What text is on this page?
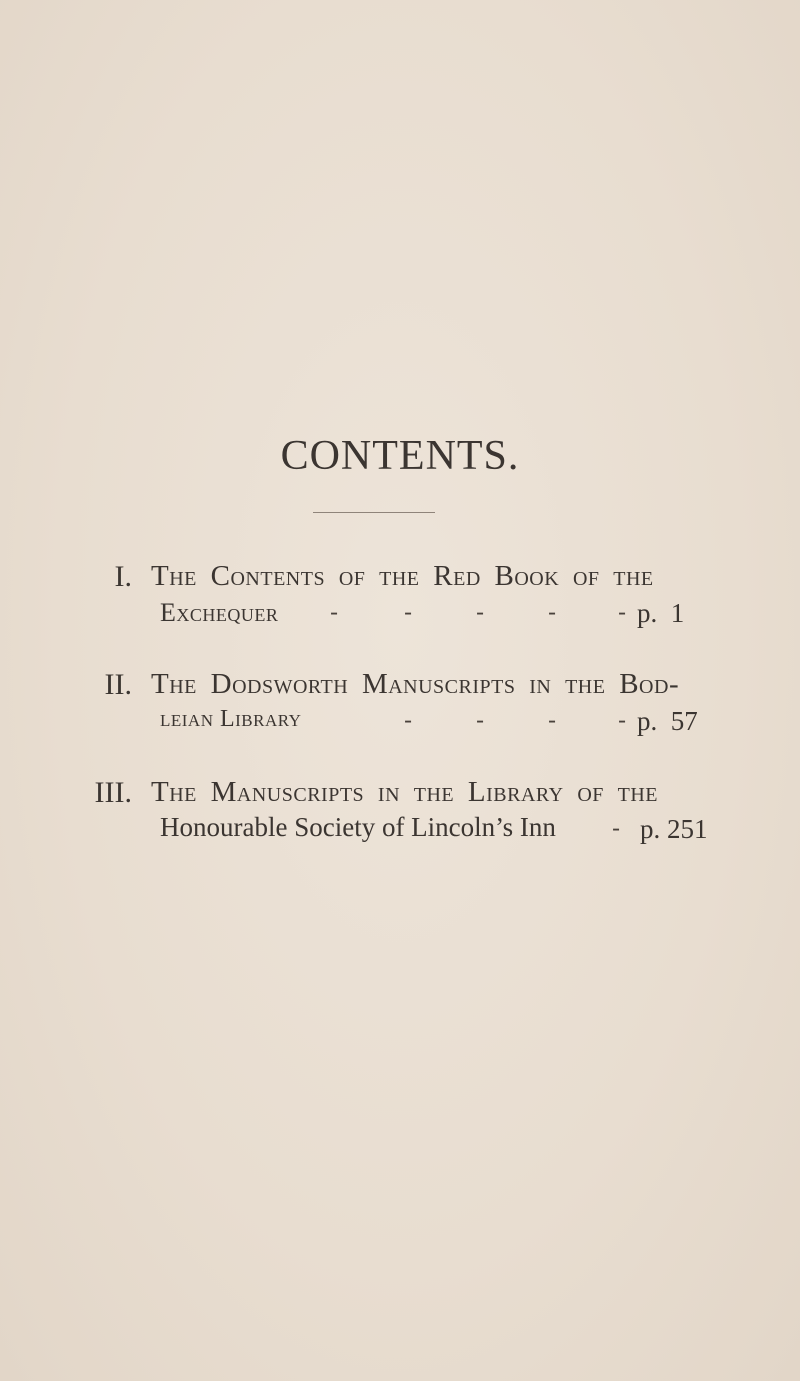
CONTENTS.
I. The Contents of the Red Book of the
Exchequer -	-	-	-	- p.  1
II. The Dodsworth Manuscripts in the Bod-
leian Library	-	-	-	- p.  57
III. The Manuscripts in the Library of the
Honourable Society of Lincoln’s Inn - p. 251
